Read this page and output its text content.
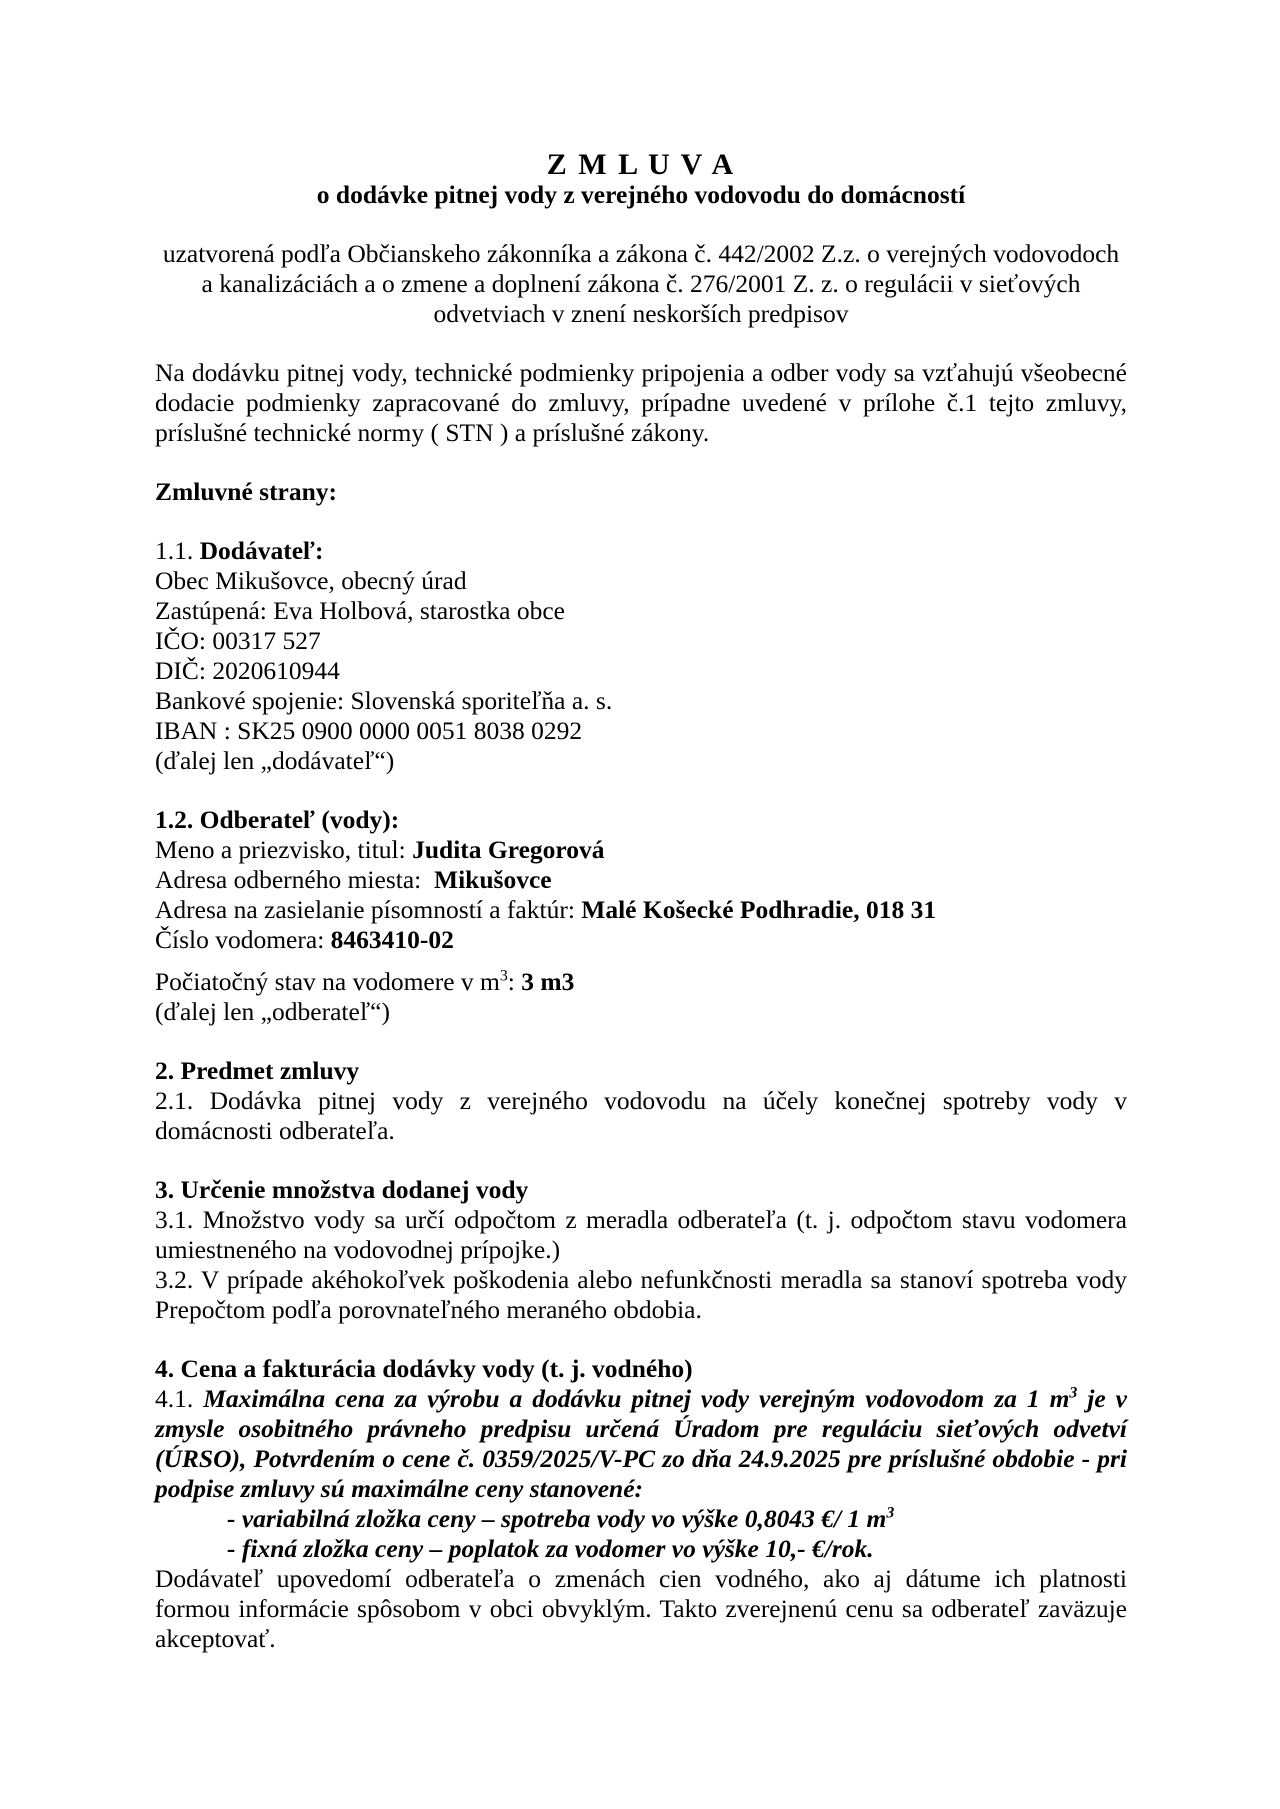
Z M L U V A
o dodávke pitnej vody z verejného vodovodu do domácností

uzatvorená podľa Občianskeho zákonníka a zákona č. 442/2002 Z.z. o verejných vodovodoch a kanalizáciách a o zmene a doplnení zákona č. 276/2001 Z. z. o regulácii v sieťových odvetviach v znení neskorších predpisov

Na dodávku pitnej vody, technické podmienky pripojenia a odber vody sa vzťahujú všeobecné dodacie podmienky zapracované do zmluvy, prípadne uvedené v prílohe č.1 tejto zmluvy, príslušné technické normy ( STN ) a príslušné zákony.

Zmluvné strany:

1.1. Dodávateľ:

Obec Mikušovce, obecný úrad

Zastúpená: Eva Holbová, starostka obce

IČO: 00317 527

DIČ: 2020610944

Bankové spojenie: Slovenská sporiteľňa a. s.

IBAN : SK25 0900 0000 0051 8038 0292

(ďalej len „dodávateľ“)

1.2. Odberateľ (vody):

Meno a priezvisko, titul: Judita Gregorová

Adresa odberného miesta:  Mikušovce

Adresa na zasielanie písomností a faktúr: Malé Košecké Podhradie, 018 31

Číslo vodomera: 8463410-02

Počiatočný stav na vodomere v $m^3$: 3 m3

(ďalej len „odberateľ“)

2. Predmet zmluvy

2.1. Dodávka pitnej vody z verejného vodovodu na účely konečnej spotreby vody v domácnosti odberateľa.

3. Určenie množstva dodanej vody

3.1. Množstvo vody sa určí odpočtom z meradla odberateľa (t. j. odpočtom stavu vodomera umiestneného na vodovodnej prípojke.)

3.2. V prípade akéhokoľvek poškodenia alebo nefunkčnosti meradla sa stanoví spotreba vody Prepočtom podľa porovnateľného meraného obdobia.

4. Cena a fakturácia dodávky vody (t. j. vodného)

4.1. Maximálna cena za výrobu a dodávku pitnej vody verejným vodovodom za 1 $m^3$ je v zmysle osobitného právneho predpisu určená Úradom pre reguláciu sieťových odvetví (ÚRSO), Potvrdením o cene č. 0359/2025/V-PC zo dňa 24.9.2025 pre príslušné obdobie - pri podpise zmluvy sú maximálne ceny stanovené:

- variabilná zložka ceny – spotreba vody vo výške 0,8043 €/ 1 $m^3$

- fixná zložka ceny – poplatok za vodomer vo výške 10,- €/rok.

Dodávateľ upovedomí odberateľa o zmenách cien vodného, ako aj dátume ich platnosti formou informácie spôsobom v obci obvyklým. Takto zverejnenú cenu sa odberateľ zaväzuje akceptovať.
